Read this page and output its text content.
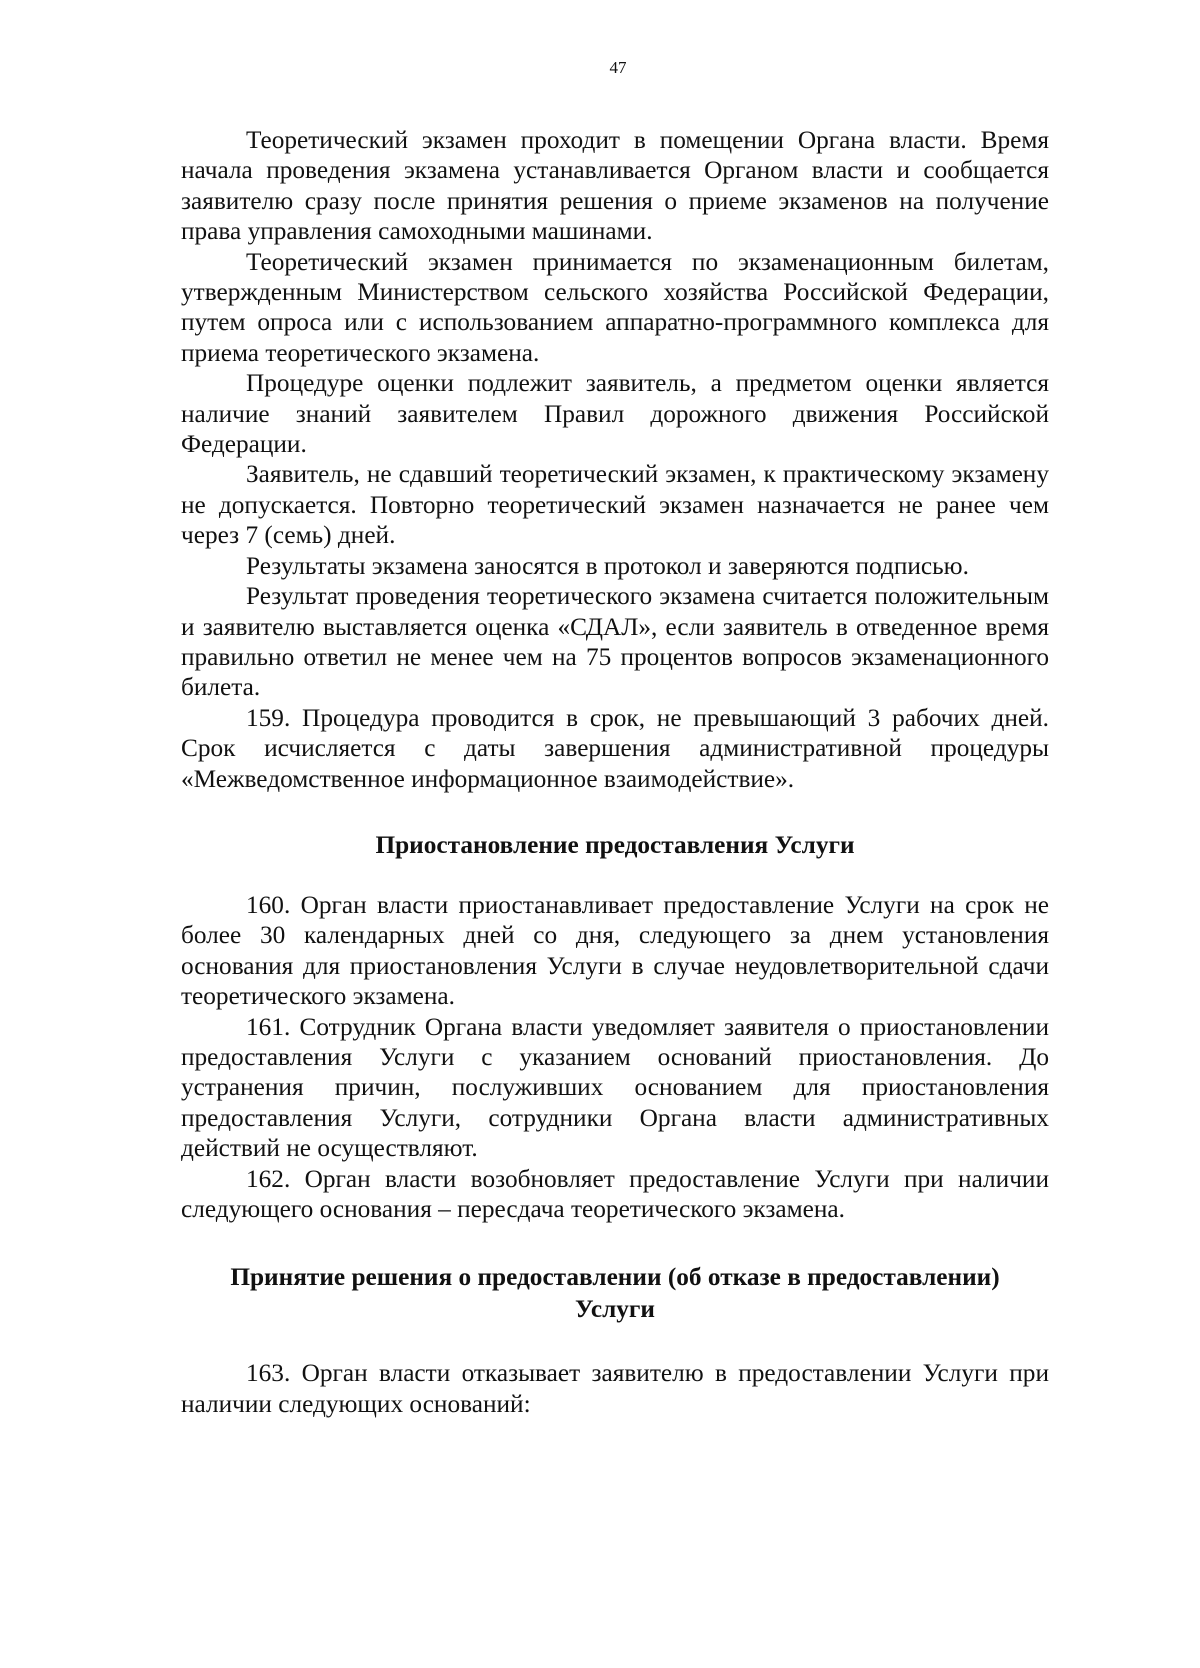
47

Теоретический экзамен проходит в помещении Органа власти. Время начала проведения экзамена устанавливается Органом власти и сообщается заявителю сразу после принятия решения о приеме экзаменов на получение права управления самоходными машинами.

Теоретический экзамен принимается по экзаменационным билетам, утвержденным Министерством сельского хозяйства Российской Федерации, путем опроса или с использованием аппаратно-программного комплекса для приема теоретического экзамена.

Процедуре оценки подлежит заявитель, а предметом оценки является наличие знаний заявителем Правил дорожного движения Российской Федерации.

Заявитель, не сдавший теоретический экзамен, к практическому экзамену не допускается. Повторно теоретический экзамен назначается не ранее чем через 7 (семь) дней.

Результаты экзамена заносятся в протокол и заверяются подписью.

Результат проведения теоретического экзамена считается положительным и заявителю выставляется оценка «СДАЛ», если заявитель в отведенное время правильно ответил не менее чем на 75 процентов вопросов экзаменационного билета.

159. Процедура проводится в срок, не превышающий 3 рабочих дней. Срок исчисляется с даты завершения административной процедуры «Межведомственное информационное взаимодействие».

Приостановление предоставления Услуги

160. Орган власти приостанавливает предоставление Услуги на срок не более 30 календарных дней со дня, следующего за днем установления основания для приостановления Услуги в случае неудовлетворительной сдачи теоретического экзамена.

161. Сотрудник Органа власти уведомляет заявителя о приостановлении предоставления Услуги с указанием оснований приостановления. До устранения причин, послуживших основанием для приостановления предоставления Услуги, сотрудники Органа власти административных действий не осуществляют.

162. Орган власти возобновляет предоставление Услуги при наличии следующего основания – пересдача теоретического экзамена.

Принятие решения о предоставлении (об отказе в предоставлении)
Услуги

163. Орган власти отказывает заявителю в предоставлении Услуги при наличии следующих оснований:
